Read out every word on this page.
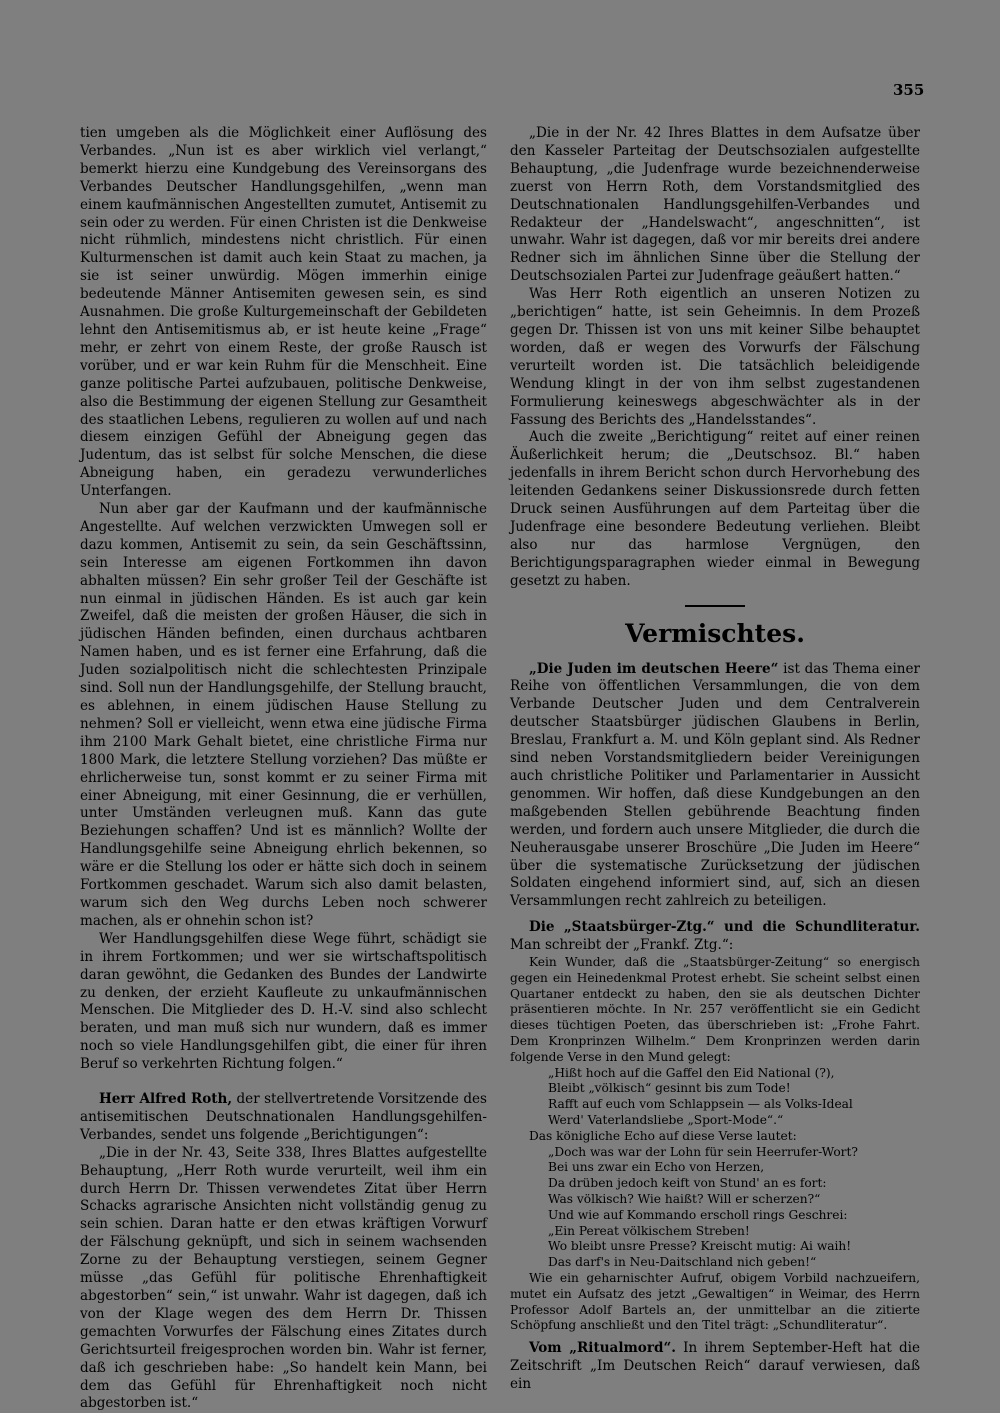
355

tien umgeben als die Möglichkeit einer Auflösung des Verbandes. „Nun ist es aber wirklich viel verlangt,“ bemerkt hierzu eine Kundgebung des Vereinsorgans des Verbandes Deutscher Handlungsgehilfen, „wenn man einem kaufmännischen Angestellten zumutet, Antisemit zu sein oder zu werden. Für einen Christen ist die Denkweise nicht rühmlich, mindestens nicht christlich. Für einen Kulturmenschen ist damit auch kein Staat zu machen, ja sie ist seiner unwürdig. Mögen immerhin einige bedeutende Männer Antisemiten gewesen sein, es sind Ausnahmen. Die große Kulturgemeinschaft der Gebildeten lehnt den Antisemitismus ab, er ist heute keine „Frage“ mehr, er zehrt von einem Reste, der große Rausch ist vorüber, und er war kein Ruhm für die Menschheit. Eine ganze politische Partei aufzubauen, politische Denkweise, also die Bestimmung der eigenen Stellung zur Gesamtheit des staatlichen Lebens, regulieren zu wollen auf und nach diesem einzigen Gefühl der Abneigung gegen das Judentum, das ist selbst für solche Menschen, die diese Abneigung haben, ein geradezu verwunderliches Unterfangen.

Nun aber gar der Kaufmann und der kaufmännische Angestellte. Auf welchen verzwickten Umwegen soll er dazu kommen, Antisemit zu sein, da sein Geschäftssinn, sein Interesse am eigenen Fortkommen ihn davon abhalten müssen? Ein sehr großer Teil der Geschäfte ist nun einmal in jüdischen Händen. Es ist auch gar kein Zweifel, daß die meisten der großen Häuser, die sich in jüdischen Händen befinden, einen durchaus achtbaren Namen haben, und es ist ferner eine Erfahrung, daß die Juden sozialpolitisch nicht die schlechtesten Prinzipale sind. Soll nun der Handlungsgehilfe, der Stellung braucht, es ablehnen, in einem jüdischen Hause Stellung zu nehmen? Soll er vielleicht, wenn etwa eine jüdische Firma ihm 2100 Mark Gehalt bietet, eine christliche Firma nur 1800 Mark, die letztere Stellung vorziehen? Das müßte er ehrlicherweise tun, sonst kommt er zu seiner Firma mit einer Abneigung, mit einer Gesinnung, die er verhüllen, unter Umständen verleugnen muß. Kann das gute Beziehungen schaffen? Und ist es männlich? Wollte der Handlungsgehilfe seine Abneigung ehrlich bekennen, so wäre er die Stellung los oder er hätte sich doch in seinem Fortkommen geschadet. Warum sich also damit belasten, warum sich den Weg durchs Leben noch schwerer machen, als er ohnehin schon ist?

Wer Handlungsgehilfen diese Wege führt, schädigt sie in ihrem Fortkommen; und wer sie wirtschaftspolitisch daran gewöhnt, die Gedanken des Bundes der Landwirte zu denken, der erzieht Kaufleute zu unkaufmännischen Menschen. Die Mitglieder des D. H.-V. sind also schlecht beraten, und man muß sich nur wundern, daß es immer noch so viele Handlungsgehilfen gibt, die einer für ihren Beruf so verkehrten Richtung folgen.“

Herr Alfred Roth, der stellvertretende Vorsitzende des antisemitischen Deutschnationalen Handlungsgehilfen-Verbandes, sendet uns folgende „Berichtigungen“:

„Die in der Nr. 43, Seite 338, Ihres Blattes aufgestellte Behauptung, „Herr Roth wurde verurteilt, weil ihm ein durch Herrn Dr. Thissen verwendetes Zitat über Herrn Schacks agrarische Ansichten nicht vollständig genug zu sein schien. Daran hatte er den etwas kräftigen Vorwurf der Fälschung geknüpft, und sich in seinem wachsenden Zorne zu der Behauptung verstiegen, seinem Gegner müsse „das Gefühl für politische Ehrenhaftigkeit abgestorben“ sein,“ ist unwahr. Wahr ist dagegen, daß ich von der Klage wegen des dem Herrn Dr. Thissen gemachten Vorwurfes der Fälschung eines Zitates durch Gerichtsurteil freigesprochen worden bin. Wahr ist ferner, daß ich geschrieben habe: „So handelt kein Mann, bei dem das Gefühl für Ehrenhaftigkeit noch nicht abgestorben ist.“

„Die in der Nr. 42 Ihres Blattes in dem Aufsatze über den Kasseler Parteitag der Deutschsozialen aufgestellte Behauptung, „die Judenfrage wurde bezeichnenderweise zuerst von Herrn Roth, dem Vorstandsmitglied des Deutschnationalen Handlungsgehilfen-Verbandes und Redakteur der „Handelswacht“, angeschnitten“, ist unwahr. Wahr ist dagegen, daß vor mir bereits drei andere Redner sich im ähnlichen Sinne über die Stellung der Deutschsozialen Partei zur Judenfrage geäußert hatten.“

Was Herr Roth eigentlich an unseren Notizen zu „berichtigen“ hatte, ist sein Geheimnis. In dem Prozeß gegen Dr. Thissen ist von uns mit keiner Silbe behauptet worden, daß er wegen des Vorwurfs der Fälschung verurteilt worden ist. Die tatsächlich beleidigende Wendung klingt in der von ihm selbst zugestandenen Formulierung keineswegs abgeschwächter als in der Fassung des Berichts des „Handelsstandes“.

Auch die zweite „Berichtigung“ reitet auf einer reinen Äußerlichkeit herum; die „Deutschsoz. Bl.“ haben jedenfalls in ihrem Bericht schon durch Hervorhebung des leitenden Gedankens seiner Diskussionsrede durch fetten Druck seinen Ausführungen auf dem Parteitag über die Judenfrage eine besondere Bedeutung verliehen. Bleibt also nur das harmlose Vergnügen, den Berichtigungsparagraphen wieder einmal in Bewegung gesetzt zu haben.

Vermischtes.

„Die Juden im deutschen Heere“ ist das Thema einer Reihe von öffentlichen Versammlungen, die von dem Verbande Deutscher Juden und dem Centralverein deutscher Staatsbürger jüdischen Glaubens in Berlin, Breslau, Frankfurt a. M. und Köln geplant sind. Als Redner sind neben Vorstandsmitgliedern beider Vereinigungen auch christliche Politiker und Parlamentarier in Aussicht genommen. Wir hoffen, daß diese Kundgebungen an den maßgebenden Stellen gebührende Beachtung finden werden, und fordern auch unsere Mitglieder, die durch die Neuherausgabe unserer Broschüre „Die Juden im Heere“ über die systematische Zurücksetzung der jüdischen Soldaten eingehend informiert sind, auf, sich an diesen Versammlungen recht zahlreich zu beteiligen.

Die „Staatsbürger-Ztg.“ und die Schundliteratur. Man schreibt der „Frankf. Ztg.“:

Kein Wunder, daß die „Staatsbürger-Zeitung“ so energisch gegen ein Heinedenkmal Protest erhebt. Sie scheint selbst einen Quartaner entdeckt zu haben, den sie als deutschen Dichter präsentieren möchte. In Nr. 257 veröffentlicht sie ein Gedicht dieses tüchtigen Poeten, das überschrieben ist: „Frohe Fahrt. Dem Kronprinzen Wilhelm.“ Dem Kronprinzen werden darin folgende Verse in den Mund gelegt:

„Hißt hoch auf die Gaffel den Eid National (?),
Bleibt „völkisch“ gesinnt bis zum Tode!
Rafft auf euch vom Schlappsein — als Volks-Ideal
Werd' Vaterlandsliebe „Sport-Mode“.“

Das königliche Echo auf diese Verse lautet:

„Doch was war der Lohn für sein Heerrufer-Wort?
Bei uns zwar ein Echo von Herzen,
Da drüben jedoch keift von Stund' an es fort:
Was völkisch? Wie haißt? Will er scherzen?“
Und wie auf Kommando erscholl rings Geschrei:
„Ein Pereat völkischem Streben!
Wo bleibt unsre Presse? Kreischt mutig: Ai waih!
Das darf's in Neu-Daitschland nich geben!“

Wie ein geharnischter Aufruf, obigem Vorbild nachzueifern, mutet ein Aufsatz des jetzt „Gewaltigen“ in Weimar, des Herrn Professor Adolf Bartels an, der unmittelbar an die zitierte Schöpfung anschließt und den Titel trägt: „Schundliteratur“.

Vom „Ritualmord“. In ihrem September-Heft hat die Zeitschrift „Im Deutschen Reich“ darauf verwiesen, daß ein
